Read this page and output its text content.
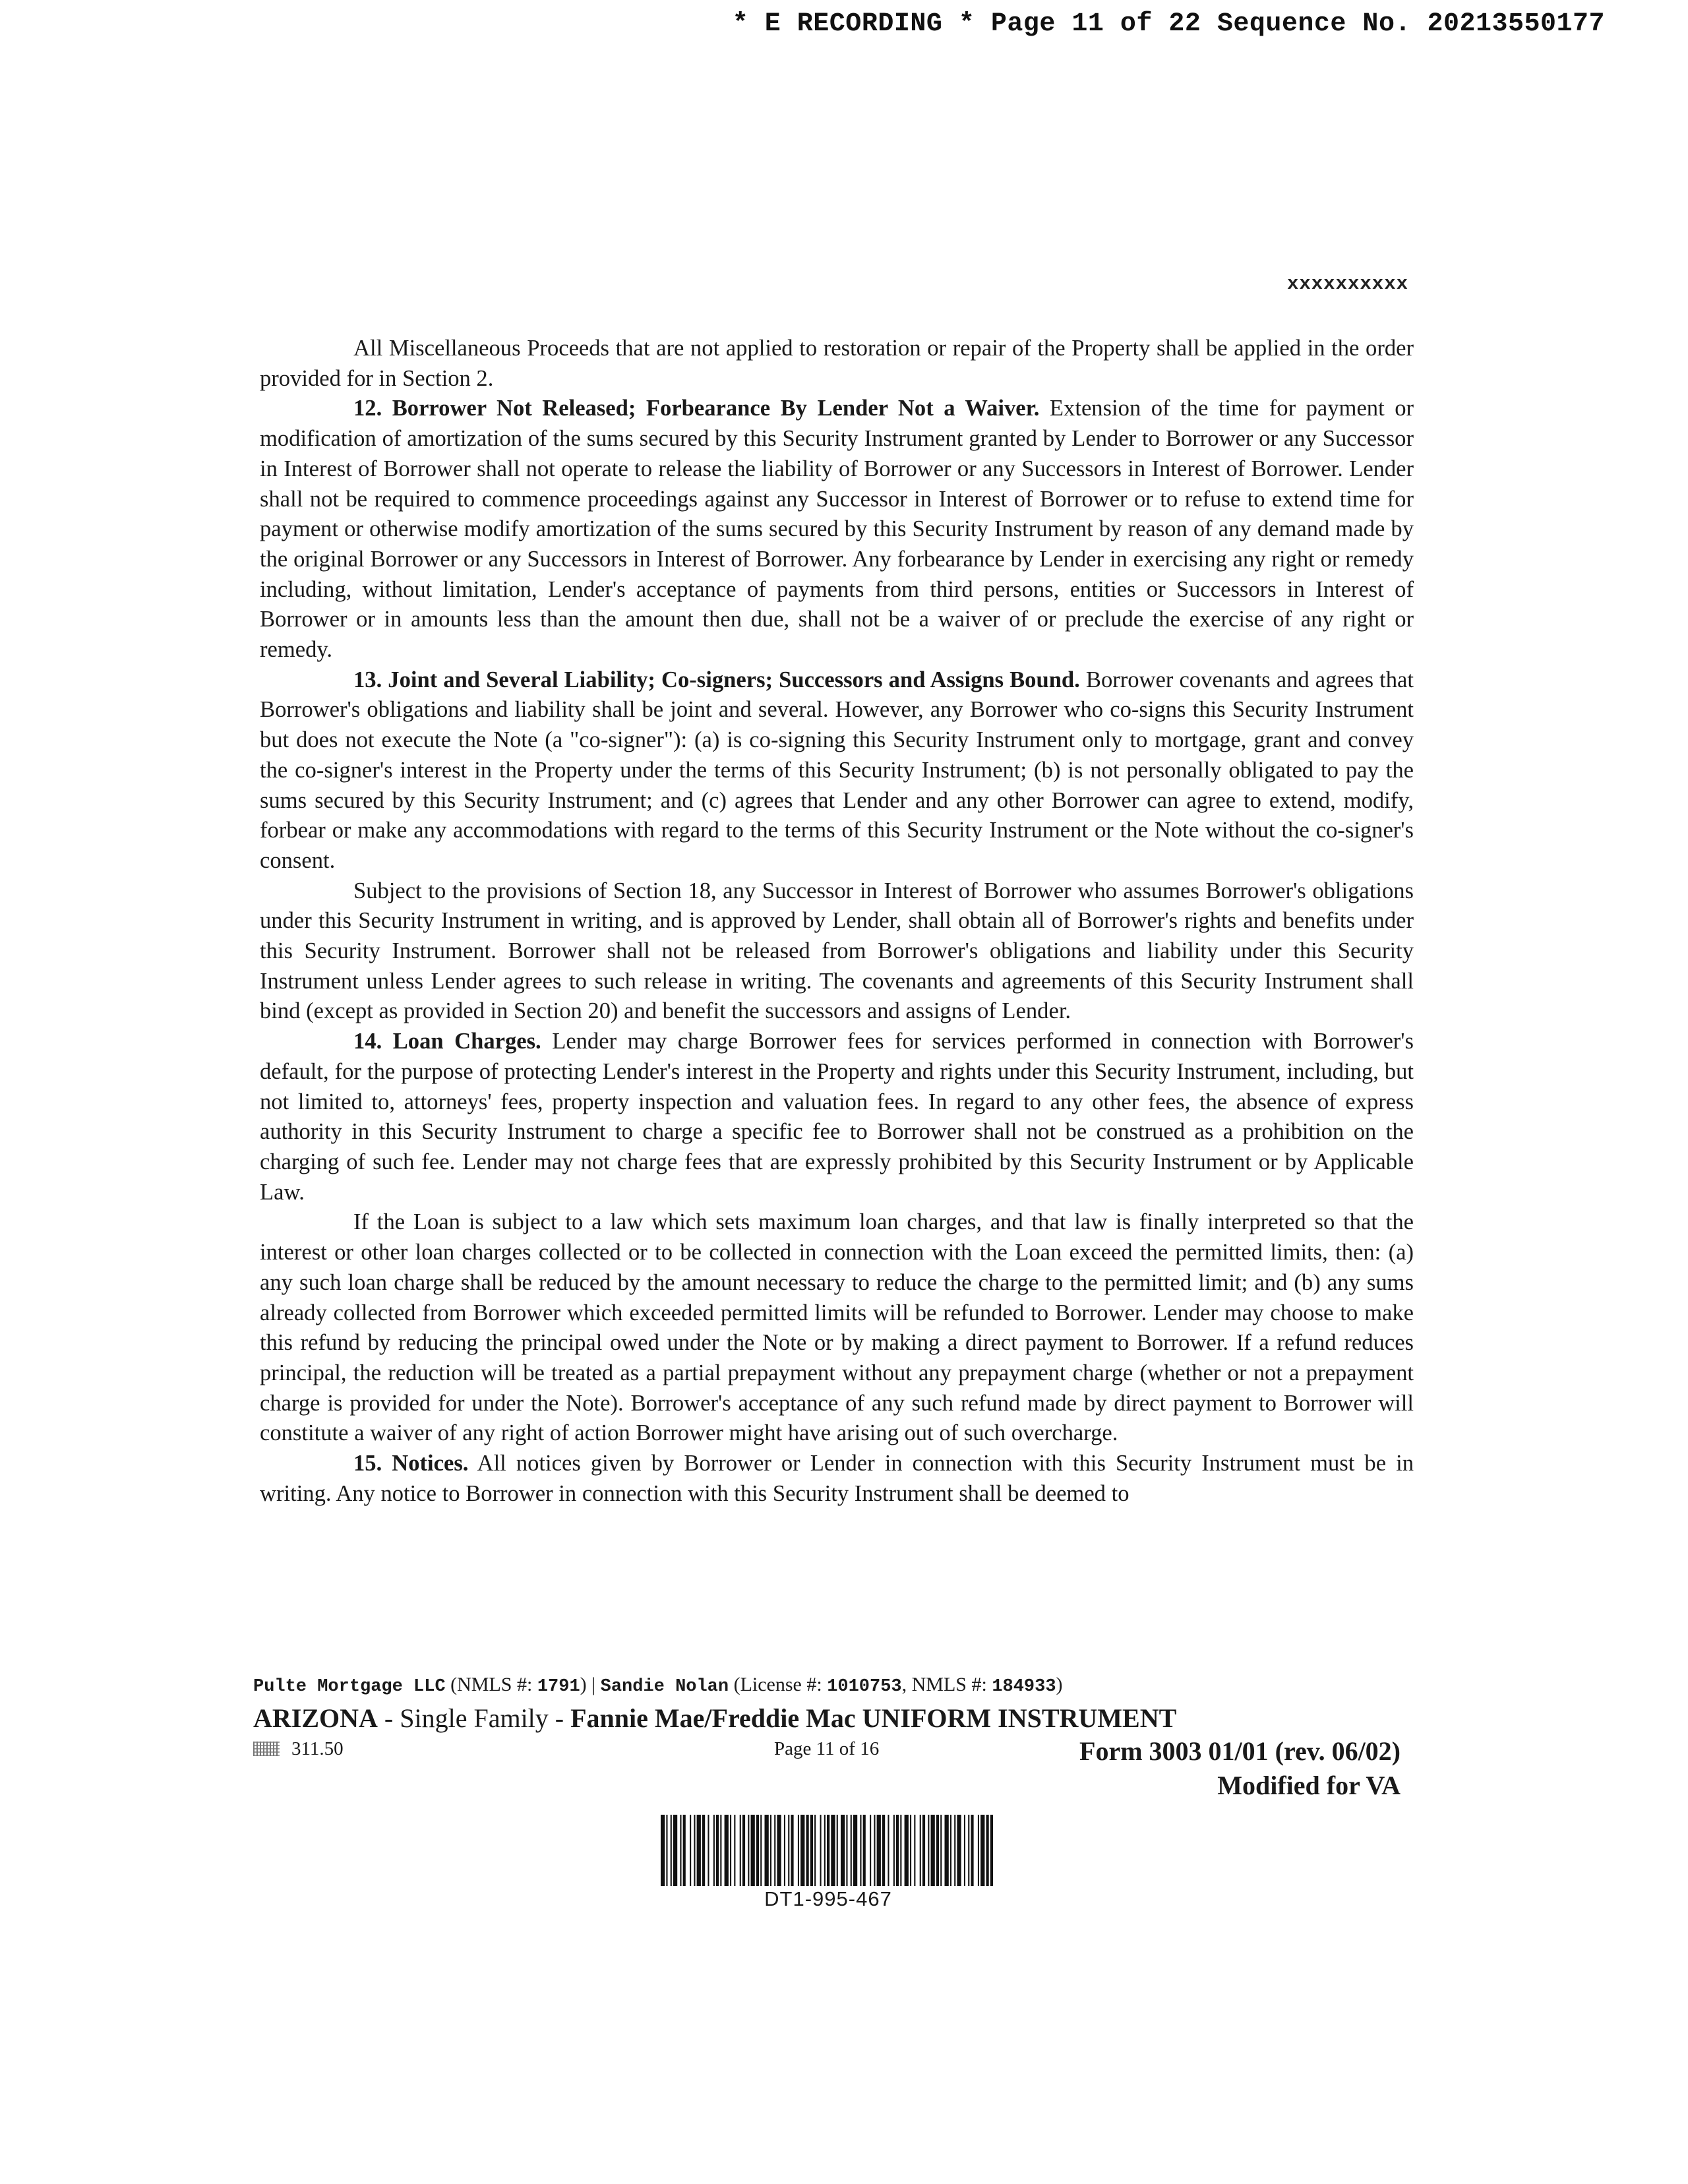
* E RECORDING * Page 11 of 22 Sequence No. 20213550177
xxxxxxxxxx

All Miscellaneous Proceeds that are not applied to restoration or repair of the Property shall be applied in the order provided for in Section 2.

12. Borrower Not Released; Forbearance By Lender Not a Waiver. Extension of the time for payment or modification of amortization of the sums secured by this Security Instrument granted by Lender to Borrower or any Successor in Interest of Borrower shall not operate to release the liability of Borrower or any Successors in Interest of Borrower. Lender shall not be required to commence proceedings against any Successor in Interest of Borrower or to refuse to extend time for payment or otherwise modify amortization of the sums secured by this Security Instrument by reason of any demand made by the original Borrower or any Successors in Interest of Borrower. Any forbearance by Lender in exercising any right or remedy including, without limitation, Lender's acceptance of payments from third persons, entities or Successors in Interest of Borrower or in amounts less than the amount then due, shall not be a waiver of or preclude the exercise of any right or remedy.

13. Joint and Several Liability; Co-signers; Successors and Assigns Bound. Borrower covenants and agrees that Borrower's obligations and liability shall be joint and several. However, any Borrower who co-signs this Security Instrument but does not execute the Note (a "co-signer"): (a) is co-signing this Security Instrument only to mortgage, grant and convey the co-signer's interest in the Property under the terms of this Security Instrument; (b) is not personally obligated to pay the sums secured by this Security Instrument; and (c) agrees that Lender and any other Borrower can agree to extend, modify, forbear or make any accommodations with regard to the terms of this Security Instrument or the Note without the co-signer's consent.

Subject to the provisions of Section 18, any Successor in Interest of Borrower who assumes Borrower's obligations under this Security Instrument in writing, and is approved by Lender, shall obtain all of Borrower's rights and benefits under this Security Instrument. Borrower shall not be released from Borrower's obligations and liability under this Security Instrument unless Lender agrees to such release in writing. The covenants and agreements of this Security Instrument shall bind (except as provided in Section 20) and benefit the successors and assigns of Lender.

14. Loan Charges. Lender may charge Borrower fees for services performed in connection with Borrower's default, for the purpose of protecting Lender's interest in the Property and rights under this Security Instrument, including, but not limited to, attorneys' fees, property inspection and valuation fees. In regard to any other fees, the absence of express authority in this Security Instrument to charge a specific fee to Borrower shall not be construed as a prohibition on the charging of such fee. Lender may not charge fees that are expressly prohibited by this Security Instrument or by Applicable Law.

If the Loan is subject to a law which sets maximum loan charges, and that law is finally interpreted so that the interest or other loan charges collected or to be collected in connection with the Loan exceed the permitted limits, then: (a) any such loan charge shall be reduced by the amount necessary to reduce the charge to the permitted limit; and (b) any sums already collected from Borrower which exceeded permitted limits will be refunded to Borrower. Lender may choose to make this refund by reducing the principal owed under the Note or by making a direct payment to Borrower. If a refund reduces principal, the reduction will be treated as a partial prepayment without any prepayment charge (whether or not a prepayment charge is provided for under the Note). Borrower's acceptance of any such refund made by direct payment to Borrower will constitute a waiver of any right of action Borrower might have arising out of such overcharge.

15. Notices. All notices given by Borrower or Lender in connection with this Security Instrument must be in writing. Any notice to Borrower in connection with this Security Instrument shall be deemed to

Pulte Mortgage LLC (NMLS #: 1791) | Sandie Nolan (License #: 1010753, NMLS #: 184933)
ARIZONA - Single Family - Fannie Mae/Freddie Mac UNIFORM INSTRUMENT
311.50	Page 11 of 16	Form 3003 01/01 (rev. 06/02)
Modified for VA
DT1-995-467
